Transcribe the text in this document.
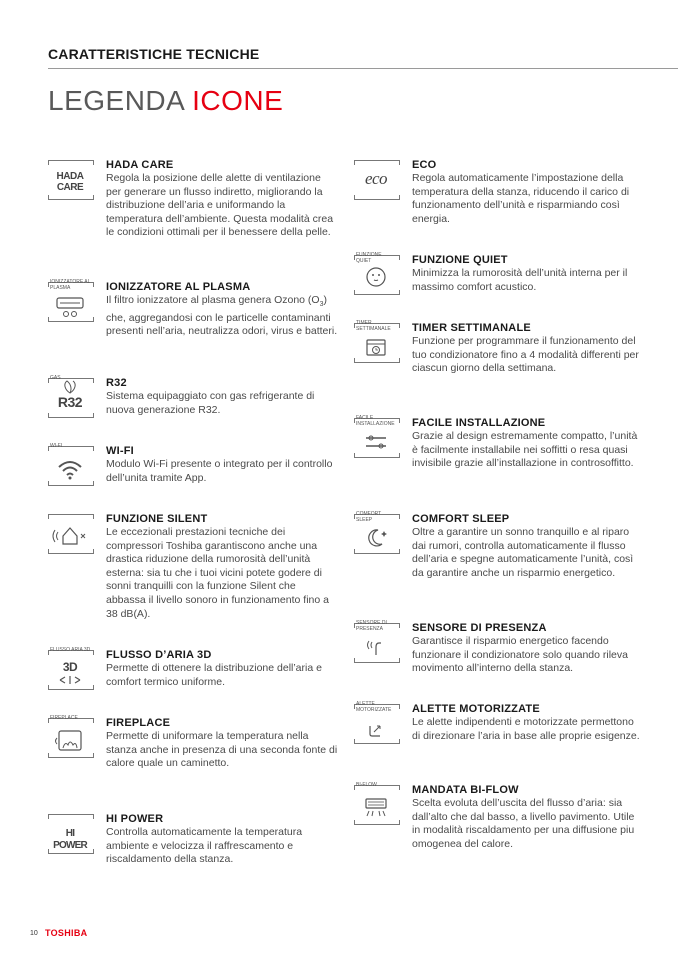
CARATTERISTICHE TECNICHE
LEGENDA ICONE
HADA CARE
HADA CARE
Regola la posizione delle alette di ventilazione per generare un flusso indiretto, migliorando la distribuzione dell’aria e uniformando la temperatura dell’ambiente. Questa modalità crea le condizioni ottimali per il benessere della pelle.
IONIZZATORE AL PLASMA	IONIZZATORE AL PLASMA
Il filtro ionizzatore al plasma genera Ozono $(O_3)$ che, aggregandosi con le particelle contaminanti presenti nell’aria, neutralizza odori, virus e batteri.
GAS
R32
R32
Sistema equipaggiato con gas refrigerante di nuova generazione R32.
WI-FI	WI-FI
Modulo Wi-Fi presente o integrato per il controllo dell’unita tramite App.
FUNZIONE SILENT
Le eccezionali prestazioni tecniche dei compressori Toshiba garantiscono anche una drastica riduzione della rumorosità dell’unità esterna: sia tu che i tuoi vicini potete godere di sonni tranquilli con la funzione Silent che abbassa il livello sonoro in funzionamento fino a 38 dB(A).
FLUSSO ARIA 3D
3D
FLUSSO D’ARIA 3D
Permette di ottenere la distribuzione dell’aria e comfort termico uniforme.
FIREPLACE	FIREPLACE
Permette di uniformare la temperatura nella stanza anche in presenza di una seconda fonte di calore quale un caminetto.
HI POWER
HI POWER
Controlla automaticamente la temperatura ambiente e velocizza il raffrescamento e riscaldamento della stanza.
eco
ECO
Regola automaticamente l’impostazione della temperatura della stanza, riducendo il carico di funzionamento dell’unità e risparmiando così energia.
FUNZIONE QUIET	FUNZIONE QUIET
Minimizza la rumorosità dell’unità interna per il massimo comfort acustico.
TIMER SETTIMANALE	TIMER SETTIMANALE
Funzione per programmare il funzionamento del tuo condizionatore fino a 4 modalità differenti per ciascun giorno della settimana.
FACILE INSTALLAZIONE	FACILE INSTALLAZIONE
Grazie al design estremamente compatto, l’unità è facilmente installabile nei soffitti o resa quasi invisibile grazie all’installazione in controsoffitto.
COMFORT SLEEP	COMFORT SLEEP
Oltre a garantire un sonno tranquillo e al riparo dai rumori, controlla automaticamente il flusso dell’aria e spegne automaticamente l’unità, così da garantire anche un risparmio energetico.
SENSORE DI PRESENZA	SENSORE DI PRESENZA
Garantisce il risparmio energetico facendo funzionare il condizionatore solo quando rileva movimento all’interno della stanza.
ALETTE MOTORIZZATE	ALETTE MOTORIZZATE
Le alette indipendenti e motorizzate permettono di direzionare l’aria in base alle proprie esigenze.
BI-FLOW	MANDATA BI-FLOW
Scelta evoluta dell’uscita del flusso d’aria: sia dall’alto che dal basso, a livello pavimento. Utile in modalità riscaldamento per una diffusione piu omogenea del calore.
10 TOSHIBA
